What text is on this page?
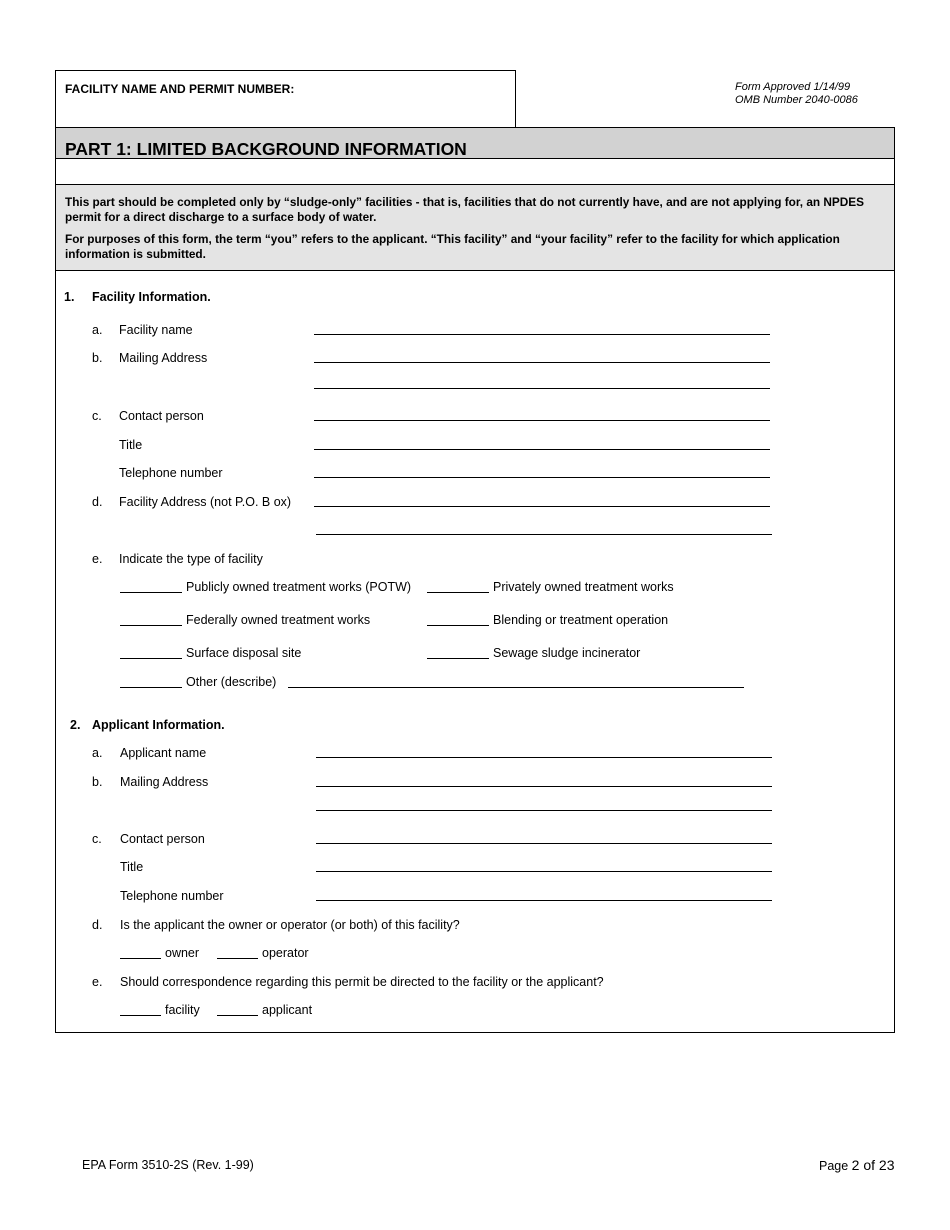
FACILITY NAME AND PERMIT NUMBER:	Form Approved 1/14/99
OMB Number 2040-0086
PART 1: LIMITED BACKGROUND INFORMATION
This part should be completed only by “sludge-only” facilities - that is, facilities that do not currently have, and are not applying for, an NPDES permit for a direct discharge to a surface body of water.
For purposes of this form, the term “you” refers to the applicant. “This facility” and “your facility” refer to the facility for which application information is submitted.
1. Facility Information.
a. Facility name
b. Mailing Address
c. Contact person
Title
Telephone number
d. Facility Address (not P.O. B ox)
e. Indicate the type of facility
Publicly owned treatment works (POTW)	Privately owned treatment works
Federally owned treatment works	Blending or treatment operation
Surface disposal site	Sewage sludge incinerator
Other (describe)
2. Applicant Information.
a. Applicant name
b. Mailing Address
c. Contact person
Title
Telephone number
d. Is the applicant the owner or operator (or both) of this facility?
owner	operator
e. Should correspondence regarding this permit be directed to the facility or the applicant?
facility	applicant
EPA Form 3510-2S (Rev. 1-99)	Page 2 of 23
